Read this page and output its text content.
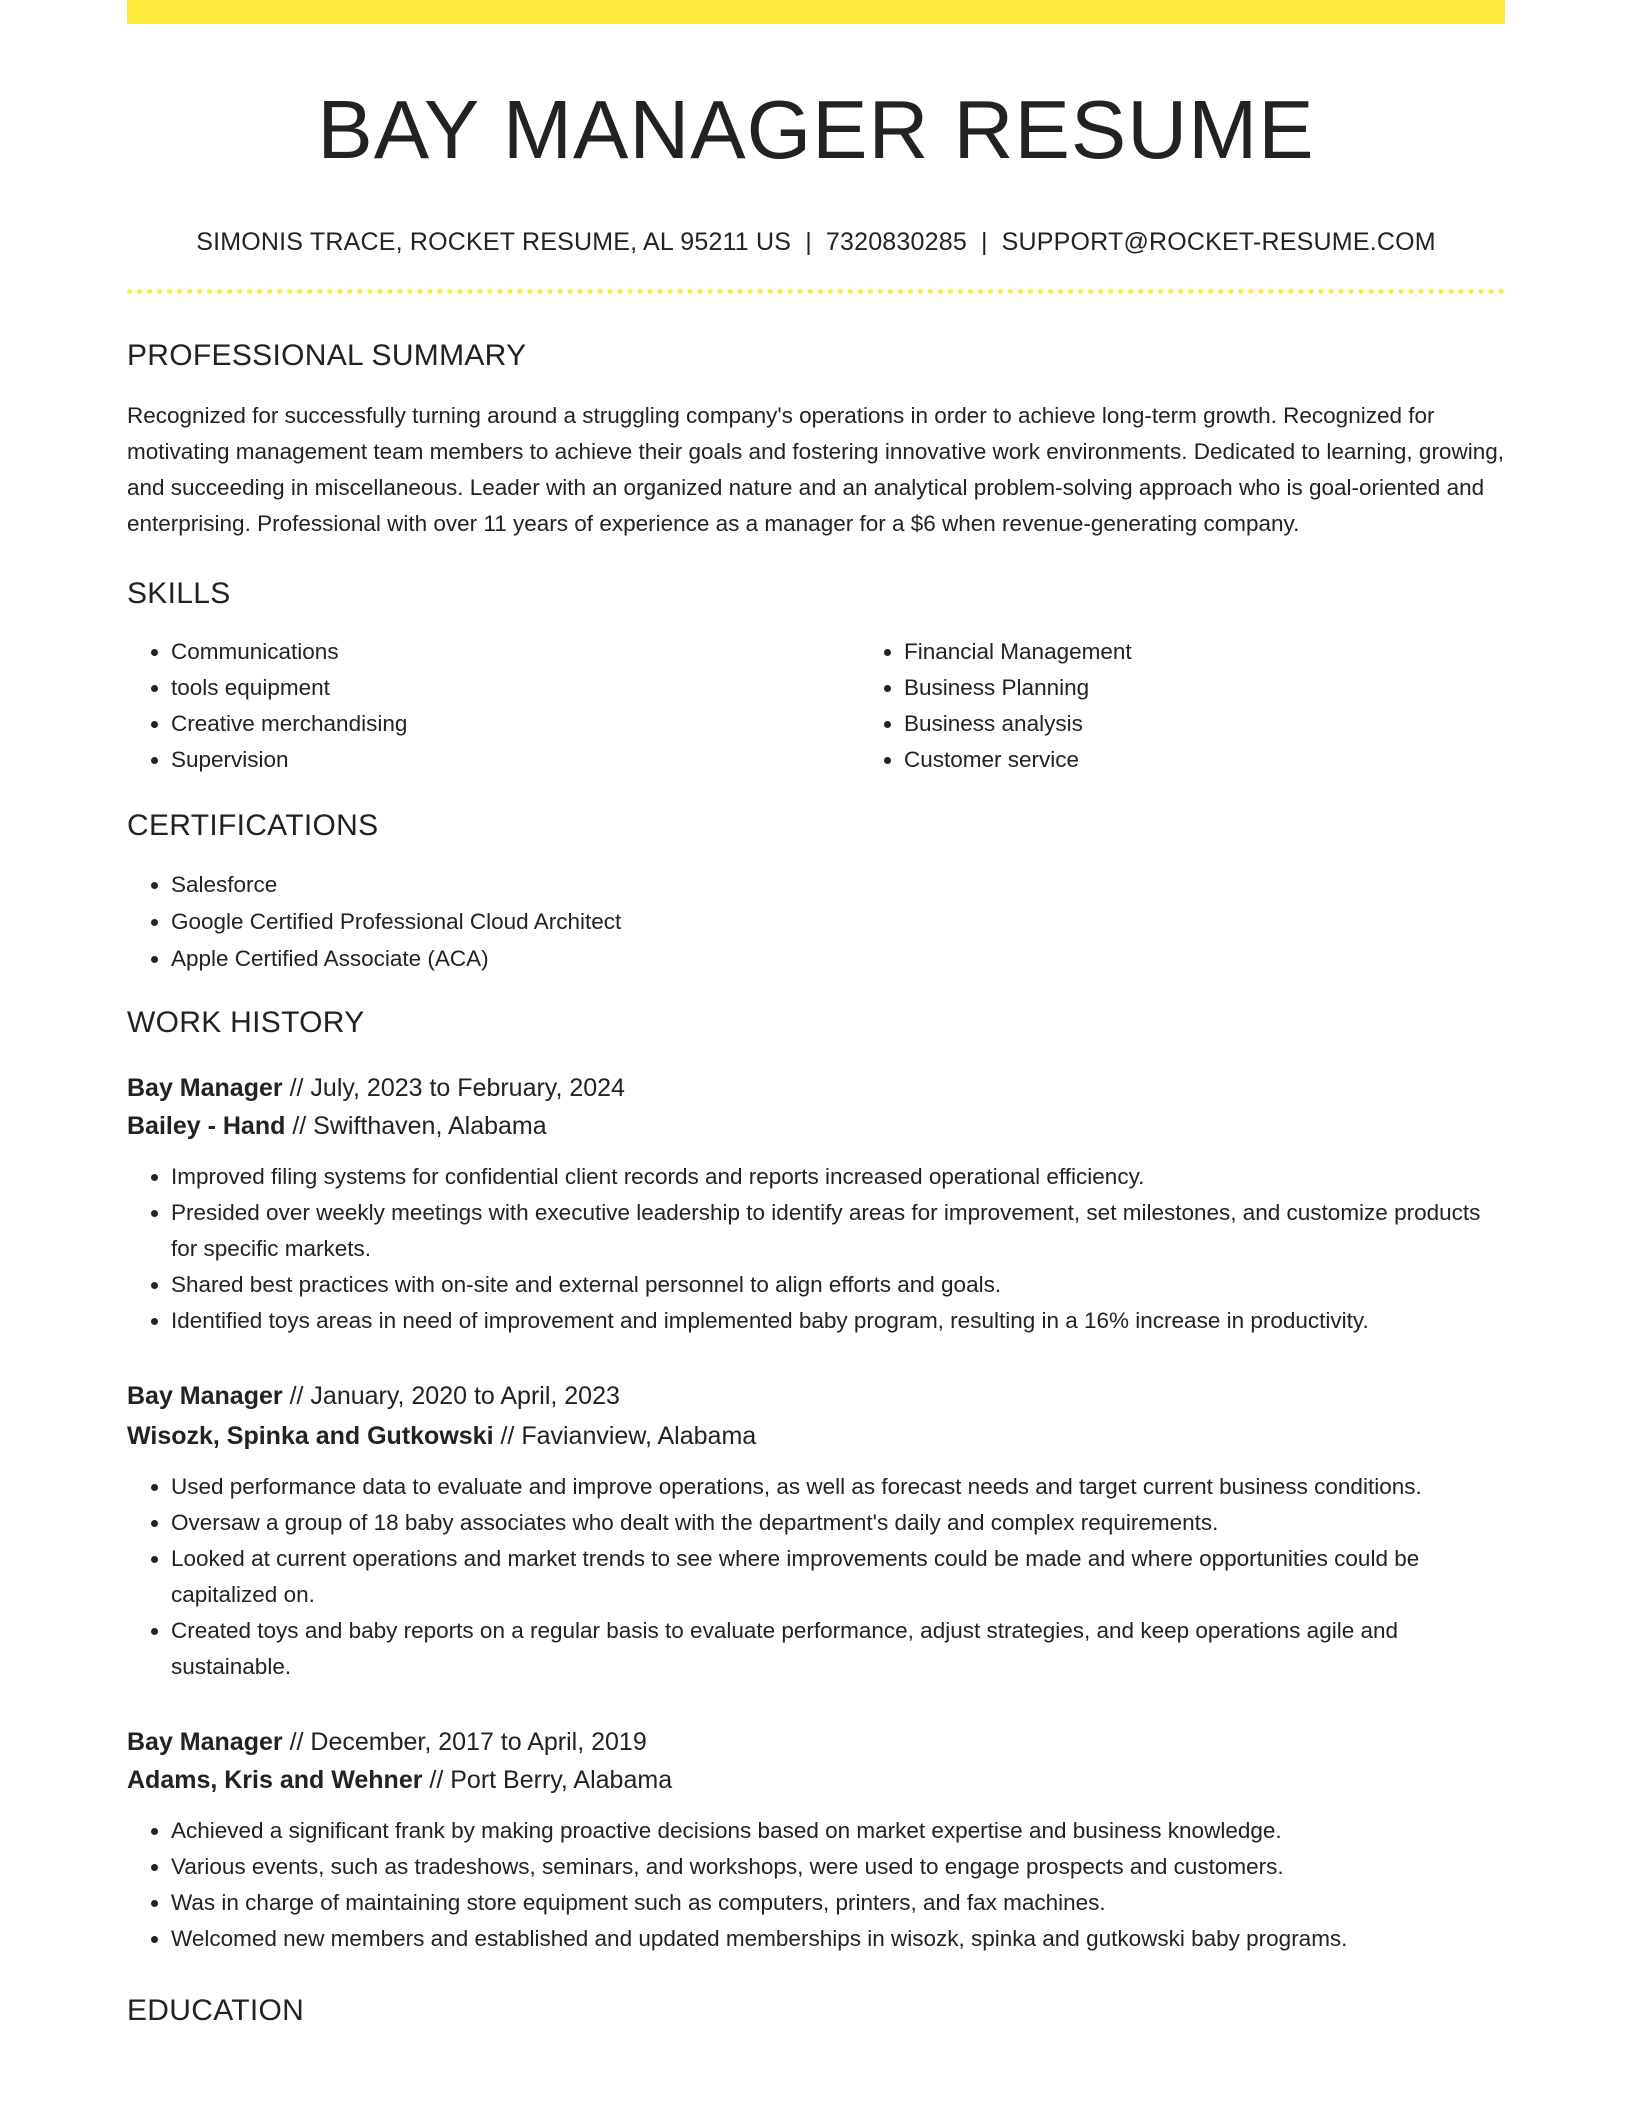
BAY MANAGER RESUME
SIMONIS TRACE, ROCKET RESUME, AL 95211 US | 7320830285 | SUPPORT@ROCKET-RESUME.COM
PROFESSIONAL SUMMARY
Recognized for successfully turning around a struggling company's operations in order to achieve long-term growth. Recognized for motivating management team members to achieve their goals and fostering innovative work environments. Dedicated to learning, growing, and succeeding in miscellaneous. Leader with an organized nature and an analytical problem-solving approach who is goal-oriented and enterprising. Professional with over 11 years of experience as a manager for a $6 when revenue-generating company.
SKILLS
• Communications
• tools equipment
• Creative merchandising
• Supervision
• Financial Management
• Business Planning
• Business analysis
• Customer service
CERTIFICATIONS
• Salesforce
• Google Certified Professional Cloud Architect
• Apple Certified Associate (ACA)
WORK HISTORY
Bay Manager // July, 2023 to February, 2024
Bailey - Hand // Swifthaven, Alabama
• Improved filing systems for confidential client records and reports increased operational efficiency.
• Presided over weekly meetings with executive leadership to identify areas for improvement, set milestones, and customize products for specific markets.
• Shared best practices with on-site and external personnel to align efforts and goals.
• Identified toys areas in need of improvement and implemented baby program, resulting in a 16% increase in productivity.
Bay Manager // January, 2020 to April, 2023
Wisozk, Spinka and Gutkowski // Favianview, Alabama
• Used performance data to evaluate and improve operations, as well as forecast needs and target current business conditions.
• Oversaw a group of 18 baby associates who dealt with the department's daily and complex requirements.
• Looked at current operations and market trends to see where improvements could be made and where opportunities could be capitalized on.
• Created toys and baby reports on a regular basis to evaluate performance, adjust strategies, and keep operations agile and sustainable.
Bay Manager // December, 2017 to April, 2019
Adams, Kris and Wehner // Port Berry, Alabama
• Achieved a significant frank by making proactive decisions based on market expertise and business knowledge.
• Various events, such as tradeshows, seminars, and workshops, were used to engage prospects and customers.
• Was in charge of maintaining store equipment such as computers, printers, and fax machines.
• Welcomed new members and established and updated memberships in wisozk, spinka and gutkowski baby programs.
EDUCATION
